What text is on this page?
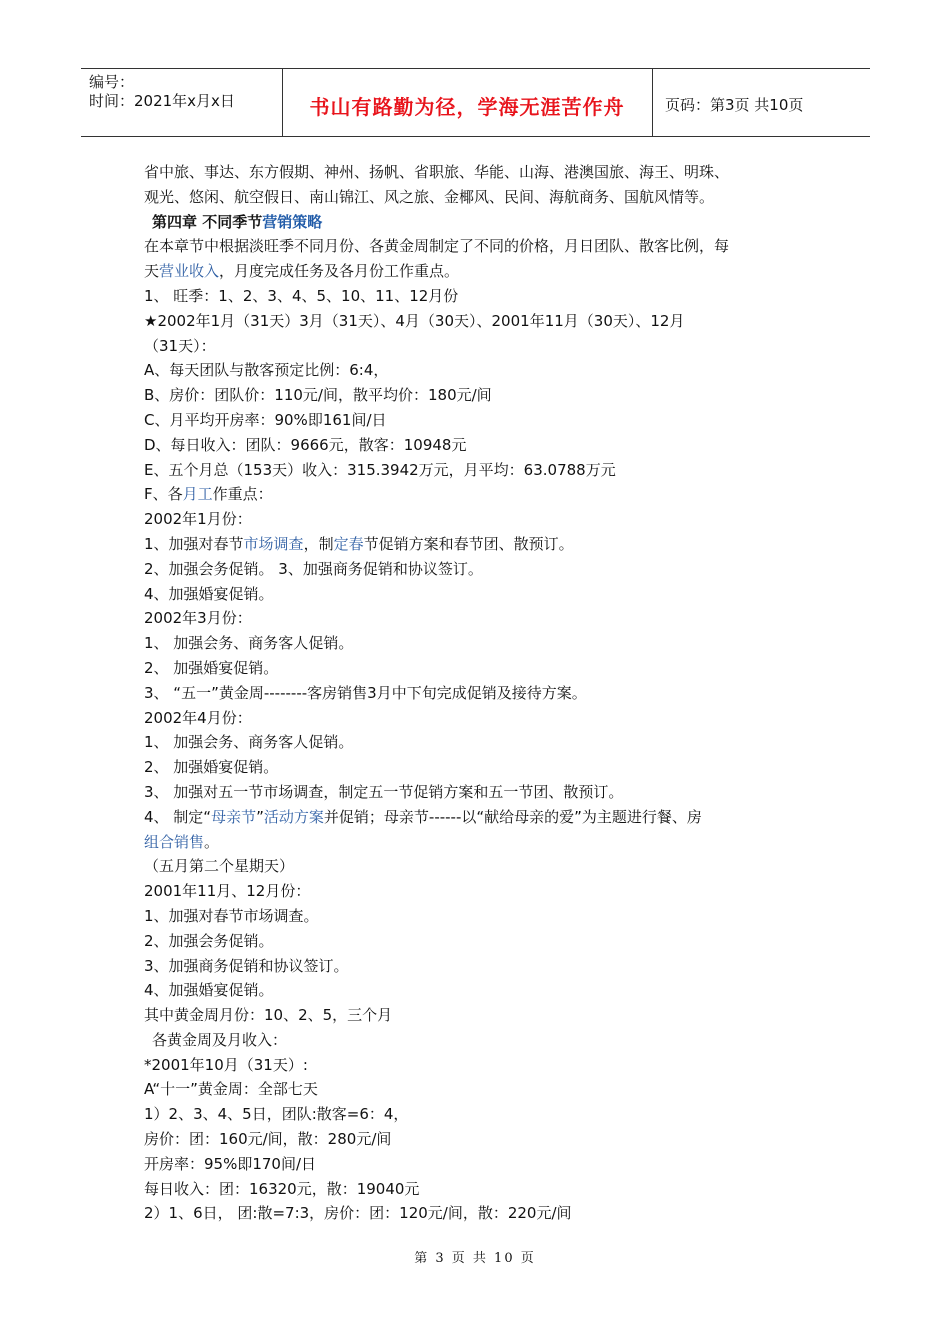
编号：
时间：2021年x月x日	书山有路勤为径，学海无涯苦作舟	页码：第3页 共10页
省中旅、事达、东方假期、神州、扬帆、省职旅、华能、山海、港澳国旅、海王、明珠、
观光、悠闲、航空假日、南山锦江、风之旅、金椰风、民间、海航商务、国航风情等。
第四章 不同季节营销策略
在本章节中根据淡旺季不同月份、各黄金周制定了不同的价格，月日团队、散客比例，每
天营业收入，月度完成任务及各月份工作重点。
1、 旺季：1、2、3、4、5、10、11、12月份
★2002年1月（31天）3月（31天）、4月（30天）、2001年11月（30天）、12月
（31天）：
A、每天团队与散客预定比例：6:4，
B、房价：团队价：110元/间，散平均价：180元/间
C、月平均开房率：90%即161间/日
D、每日收入：团队：9666元，散客：10948元
E、五个月总（153天）收入：315.3942万元，月平均：63.0788万元
F、各月工作重点：
2002年1月份：
1、加强对春节市场调查，制定春节促销方案和春节团、散预订。
2、加强会务促销。 3、加强商务促销和协议签订。
4、加强婚宴促销。
2002年3月份：
1、 加强会务、商务客人促销。
2、 加强婚宴促销。
3、 “五一”黄金周--------客房销售3月中下旬完成促销及接待方案。
2002年4月份：
1、 加强会务、商务客人促销。
2、 加强婚宴促销。
3、 加强对五一节市场调查，制定五一节促销方案和五一节团、散预订。
4、 制定“母亲节”活动方案并促销；母亲节------以“献给母亲的爱”为主题进行餐、房
组合销售。
（五月第二个星期天）
2001年11月、12月份：
1、加强对春节市场调查。
2、加强会务促销。
3、加强商务促销和协议签订。
4、加强婚宴促销。
其中黄金周月份：10、2、5，三个月
各黄金周及月收入：
*2001年10月（31天）:
A“十一”黄金周：全部七天
1）2、3、4、5日，团队:散客=6：4，
房价：团：160元/间，散：280元/间
开房率：95%即170间/日
每日收入：团：16320元，散：19040元
2）1、6日， 团:散=7:3，房价：团：120元/间，散：220元/间
第 3 页 共 10 页
